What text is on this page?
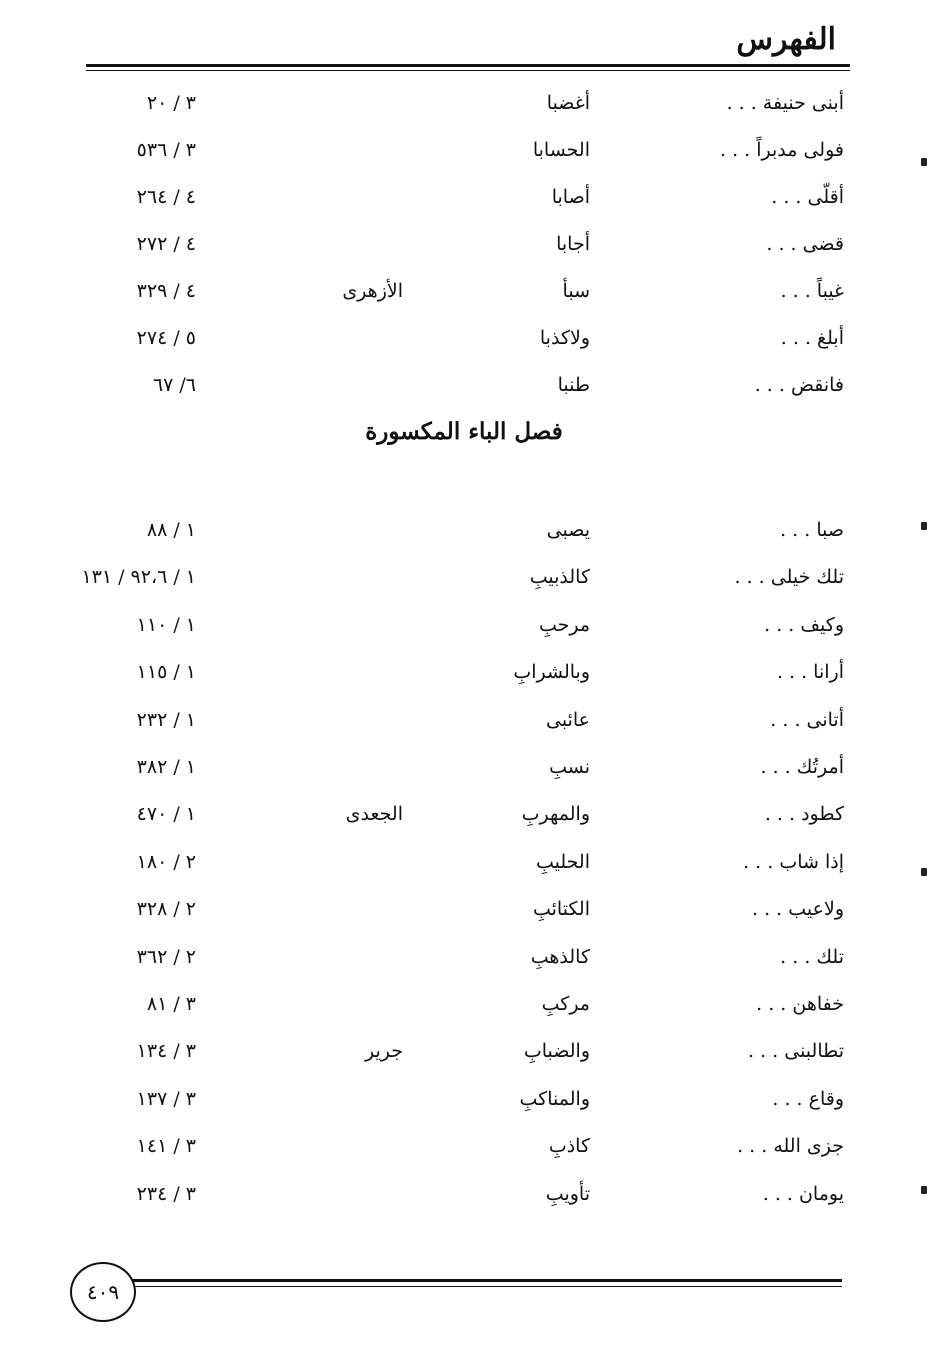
الفهرس
أبنى حنيفة . . .
أغضبا
٣ / ٢٠
فولى مدبراً . . .
الحسابا
٣ / ٥٣٦
أقلّى . . .
أصابا
٤ / ٢٦٤
قضى . . .
أجابا
٤ / ٢٧٢
غيباً . . .
سبأ
الأزهرى
٤ / ٣٢٩
أبلغ . . .
ولاكذبا
٥ / ٢٧٤
فانقض . . .
طنبا
٦/ ٦٧
فصل الباء المكسورة
صبا . . .
يصبى
١ / ٨٨
تلك خيلى . . .
كالذبيبِ
١ / ٩٢،٦ / ١٣١
وكيف . . .
مرحبِ
١ / ١١٠
أرانا . . .
وبالشرابِ
١ / ١١٥
أتانى . . .
عائبى
١ / ٢٣٢
أمرتُك . . .
نسبِ
١ / ٣٨٢
كطود . . .
والمهربِ
الجعدى
١ / ٤٧٠
إذا شاب . . .
الحليبِ
٢ / ١٨٠
ولاعيب . . .
الكتائبِ
٢ / ٣٢٨
تلك . . .
كالذهبِ
٢ / ٣٦٢
خفاهن . . .
مركبِ
٣ / ٨١
تطالبنى . . .
والضبابِ
جرير
٣ / ١٣٤
وقاع . . .
والمناكبِ
٣ / ١٣٧
جزى الله . . .
كاذبِ
٣ / ١٤١
يومان . . .
تأويبِ
٣ / ٢٣٤
٤٠٩
